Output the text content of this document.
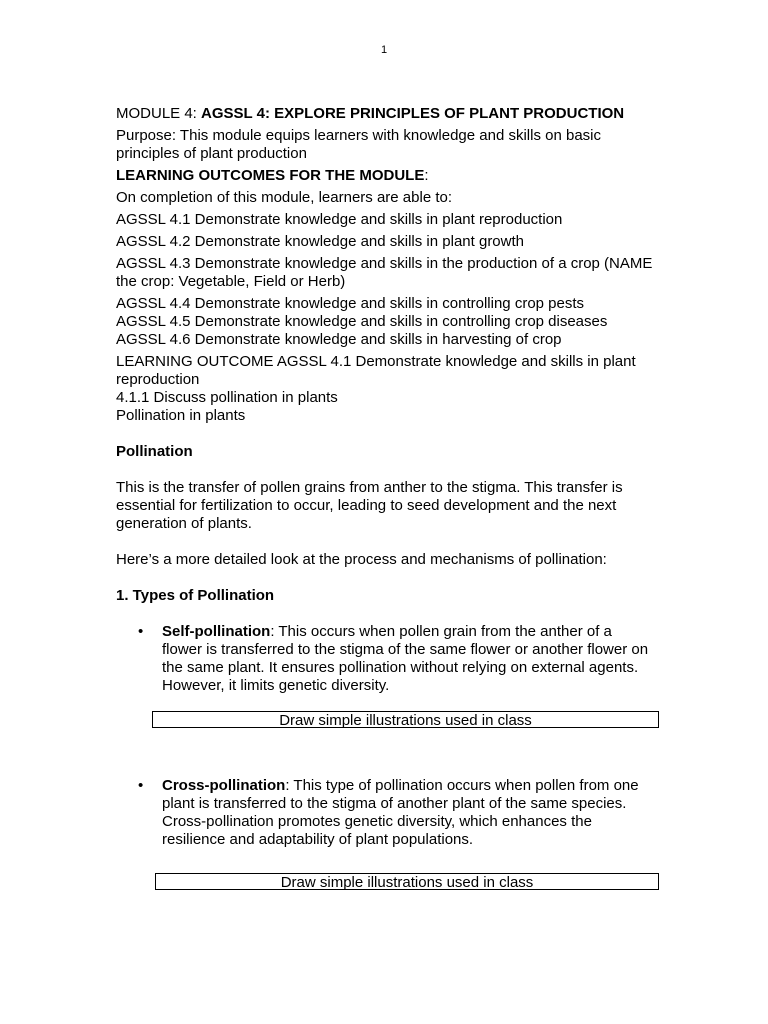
1

MODULE 4: AGSSL 4: EXPLORE PRINCIPLES OF PLANT PRODUCTION

Purpose: This module equips learners with knowledge and skills on basic principles of plant production

LEARNING OUTCOMES FOR THE MODULE:

On completion of this module, learners are able to:

AGSSL 4.1 Demonstrate knowledge and skills in plant reproduction

AGSSL 4.2 Demonstrate knowledge and skills in plant growth

AGSSL 4.3 Demonstrate knowledge and skills in the production of a crop (NAME the crop: Vegetable, Field or Herb)

AGSSL 4.4 Demonstrate knowledge and skills in controlling crop pests

AGSSL 4.5 Demonstrate knowledge and skills in controlling crop diseases

AGSSL 4.6 Demonstrate knowledge and skills in harvesting of crop

LEARNING OUTCOME AGSSL 4.1 Demonstrate knowledge and skills in plant reproduction

4.1.1 Discuss pollination in plants

Pollination in plants

Pollination

This is the transfer of pollen grains from anther to the stigma. This transfer is essential for fertilization to occur, leading to seed development and the next generation of plants.

Here’s a more detailed look at the process and mechanisms of pollination:

1. Types of Pollination

• Self-pollination: This occurs when pollen grain from the anther of a flower is transferred to the stigma of the same flower or another flower on the same plant. It ensures pollination without relying on external agents. However, it limits genetic diversity.
Draw simple illustrations used in class
• Cross-pollination: This type of pollination occurs when pollen from one plant is transferred to the stigma of another plant of the same species. Cross-pollination promotes genetic diversity, which enhances the resilience and adaptability of plant populations.
Draw simple illustrations used in class
